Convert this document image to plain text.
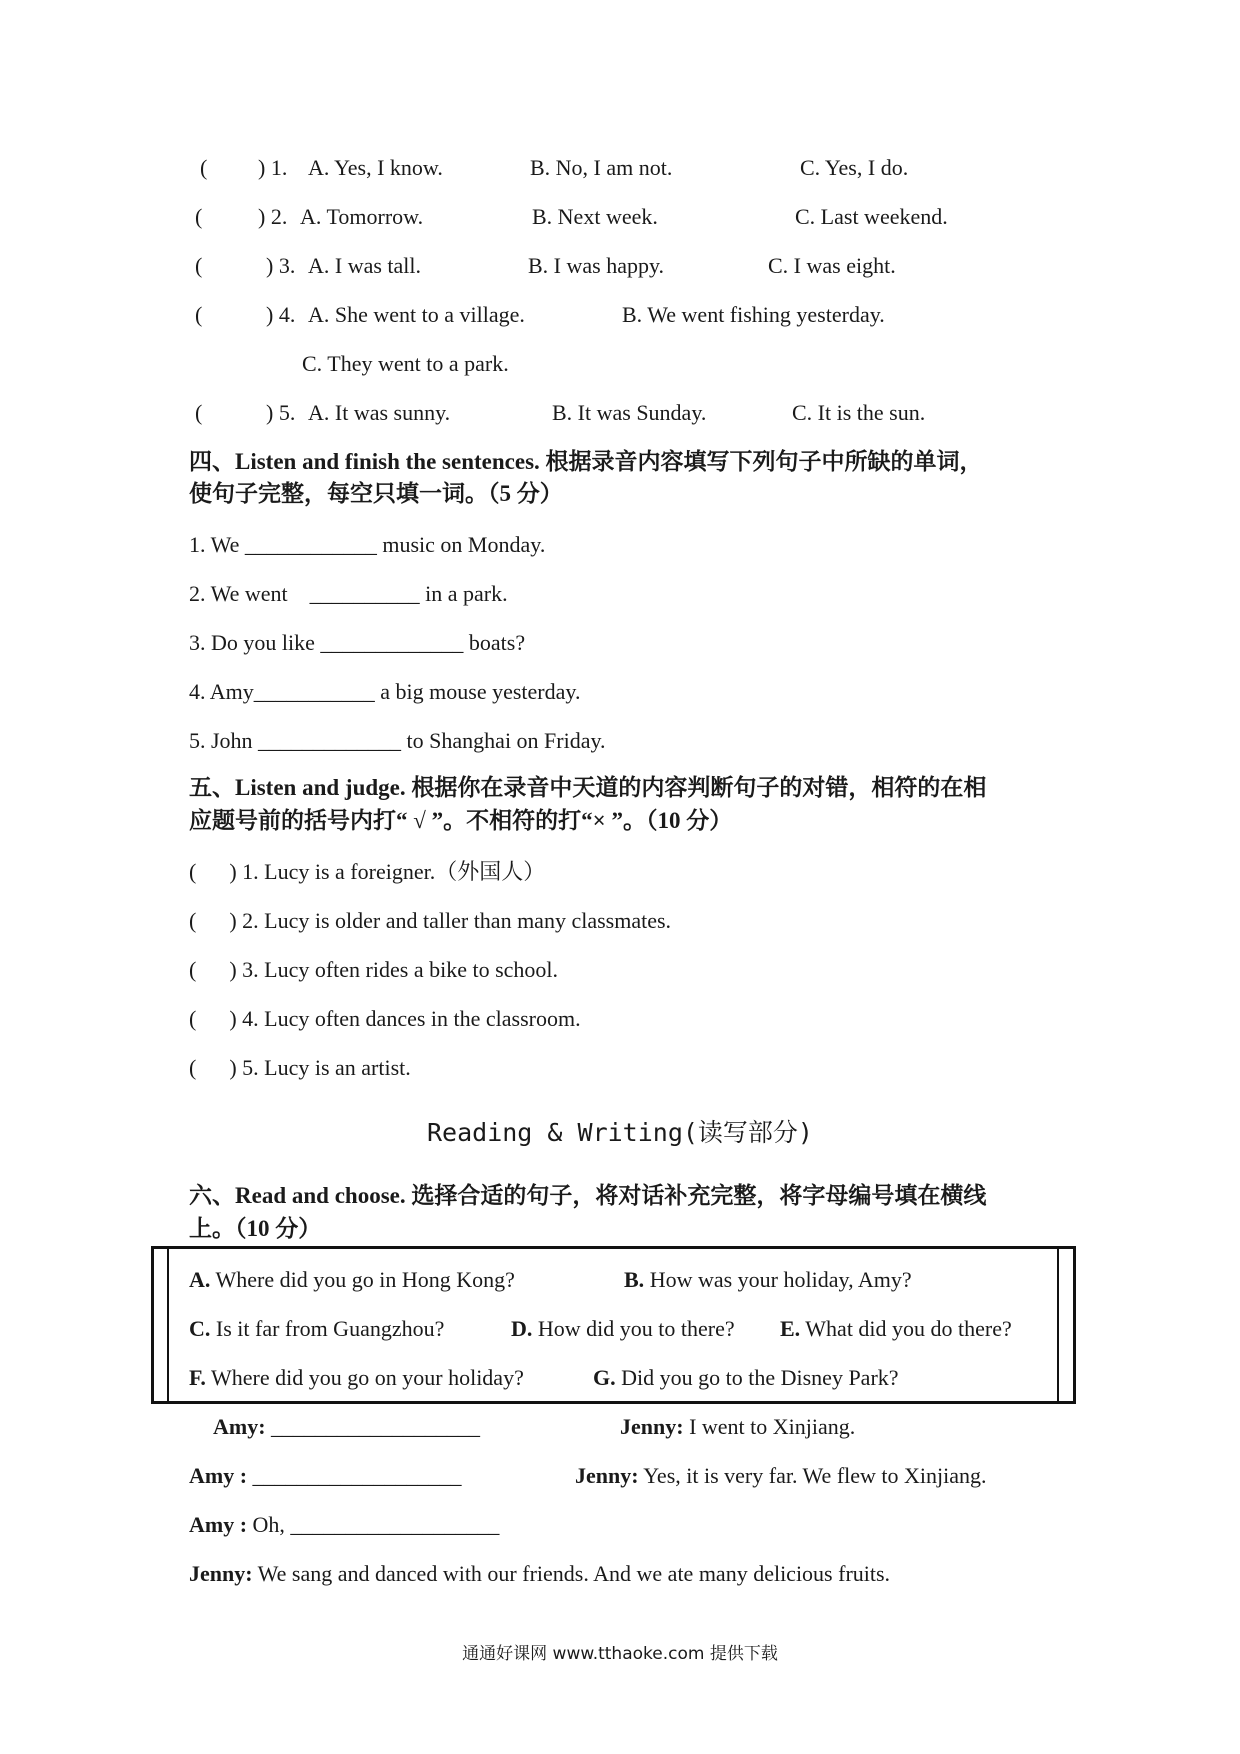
( ) 1. A. Yes, I know.	B. No, I am not.	C. Yes, I do.
(	) 2. A. Tomorrow.	B. Next week.	C. Last weekend.
(	) 3. A. I was tall.	B. I was happy.	C. I was eight.
(	) 4. A. She went to a village.	B. We went fishing yesterday.
C. They went to a park.
(	) 5. A. It was sunny.	B. It was Sunday.	C. It is the sun.
四、Listen and finish the sentences. 根据录音内容填写下列句子中所缺的单词，
使句子完整，每空只填一词。（5 分）
1. We ____________ music on Monday.
2. We went    __________ in a park.
3. Do you like _____________ boats?
4. Amy___________ a big mouse yesterday.
5. John _____________ to Shanghai on Friday.
五、Listen and judge. 根据你在录音中天道的内容判断句子的对错，相符的在相
应题号前的括号内打“ √ ”。不相符的打“× ”。（10 分）
(      ) 1. Lucy is a foreigner.（外国人）
(      ) 2. Lucy is older and taller than many classmates.
(      ) 3. Lucy often rides a bike to school.
(      ) 4. Lucy often dances in the classroom.
(      ) 5. Lucy is an artist.
Reading & Writing(读写部分)
六、Read and choose. 选择合适的句子，将对话补充完整，将字母编号填在横线
上。（10 分）
A. Where did you go in Hong Kong?	B. How was your holiday, Amy?
C. Is it far from Guangzhou?	D. How did you to there? E. What did you do there?
F. Where did you go on your holiday?	G. Did you go to the Disney Park?
Amy: ___________________	Jenny: I went to Xinjiang.
Amy : ___________________	Jenny: Yes, it is very far. We flew to Xinjiang.
Amy : Oh, ___________________
Jenny: We sang and danced with our friends. And we ate many delicious fruits.
通通好课网 www.tthaoke.com 提供下载
